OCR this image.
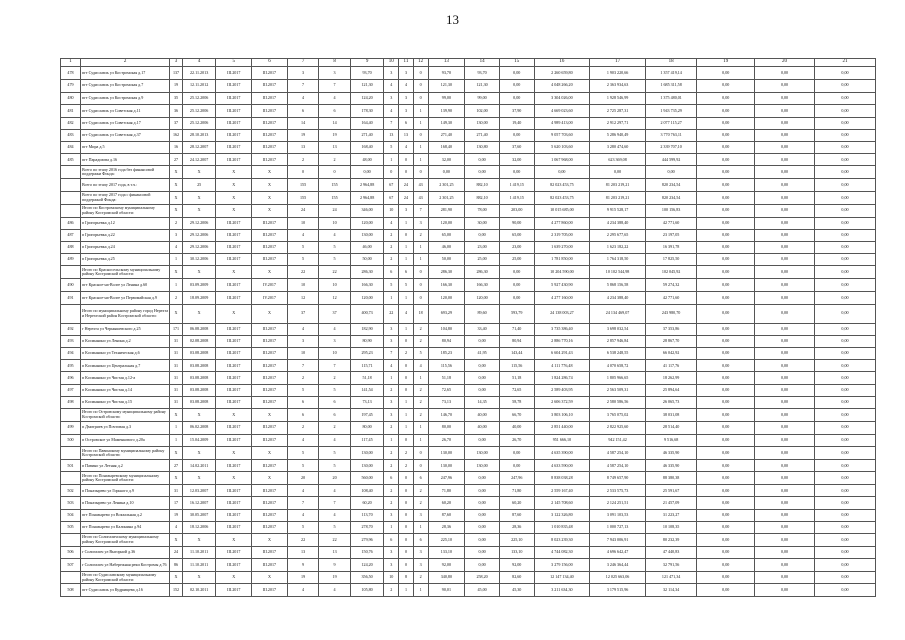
13
1	2	3	4	5	6	7	8	9	10	11	12	13	14	15	16	17	18	19	20	21
478	пгт Судиславль ул Костромская д.17	137	22.11.2013	III.2017	III.2017	3	3	93,70	3	3	0	93,70	93,70	0,00	2 260 659,80	1 903 220,66	1 357 419,14	0,00	0,00	0,00
479	пгт Судиславль ул Костромская д.7	19	12.11.2012	III.2017	III.2017	7	7	121,30	4	4	0	121,30	121,30	0,00	4 048 266,20	2 363 934,63	1 685 311,58	0,00	0,00	0,00
480	пгт Судиславль ул Костромская д.9	35	25.12.2006	III.2017	III.2017	4	4	124,20	3	3	0	99,00	99,00	0,00	3 304 026,00	1 928 546,99	1 375 480,01	0,00	0,00	0,00
481	пгт Судиславль ул Советская д.11	36	25.12.2006	III.2017	III.2017	6	6	178,30	4	3	1	139,90	102,00	37,90	4 669 023,60	2 725 287,31	1 943 735,29	0,00	0,00	0,00
482	пгт Судиславль ул Советская д.17	37	25.12.2006	III.2017	III.2017	14	14	164,40	7	6	1	149,30	130,00	19,40	4 989 413,00	2 912 297,71	2 077 115,27	0,00	0,00	0,00
483	пгт Судиславль ул Советская д.37	162	28.10.2013	III.2017	III.2017	19	19	271,40	13	13	0	271,40	271,40	0,00	9 057 703,60	5 286 940,49	3 770 763,11	0,00	0,00	0,00
484	пгт Мира д.5	16	28.12.2007	III.2017	III.2017	13	13	168,40	5	4	1	168,40	130,80	37,60	5 620 103,60	3 280 474,60	2 339 707,10	0,00	0,00	0,00
485	пгт Парадизова д.16	27	24.12.2007	III.2017	III.2017	2	2	48,00	1	0	1	32,00	0,00	32,00	1 067 968,00	623 369,08	444 599,92	0,00	0,00	0,00
	Всего по этапу 2016 года без финансовой поддержки Фонда:	X	X	X	X	0	0	0,00	0	0	0	0,00	0,00	0,00	0,00	0,00	0,00	0,00	0,00	0,00
	Всего по этапу 2017 года, в т.ч.:	X	25	X	X	155	155	2 964,88	67	24	43	2 301,25	882,10	1 419,15	82 023 453,75	81 203 219,21	820 234,54	0,00	0,00	0,00
	Всего по этапу 2017 года с финансовой поддержкой Фонда:	X	X	X	X	155	155	2 964,88	67	24	43	2 301,25	882,10	1 419,15	82 023 453,75	81 203 219,21	820 234,54	0,00	0,00	0,00
	Итого по Костромскому муниципальному району Костромской области:	X	X	X	X	24	24	346,00	10	3	7	281,90	78,00	203,00	10 015 685,00	9 915 528,17	100 156,83	0,00	0,00	0,00
486	п Григорьевка д.12	2	29.12.2006	III.2017	III.2017	10	10	120,00	4	1	3	120,00	30,00	90,00	4 277 860,00	4 234 388,40	42 771,60	0,00	0,00	0,00
487	п Григорьевка д.22	3	29.12.2006	III.2017	III.2017	4	4	130,00	2	0	2	65,00	0,00	65,00	2 319 705,00	2 295 677,65	23 197,05	0,00	0,00	0,00
488	п Григорьевка д.24	4	29.12.2006	III.2017	III.2017	5	5	46,00	2	1	1	46,00	23,00	23,00	1 639 270,00	1 623 182,22	16 391,78	0,00	0,00	0,00
489	п Григорьевка д.25	1	30.12.2006	III.2017	III.2017	5	5	50,00	2	1	1	50,00	25,00	25,00	1 781 850,00	1 764 318,50	17 825,50	0,00	0,00	0,00
	Итого по Красносельскому муниципальному району Костромской области:	X	X	X	X	22	22	286,30	6	6	0	286,30	286,30	0,00	10 204 590,00	10 102 544,98	102 045,92	0,00	0,00	0,00
490	пгт Красное-на-Волге ул Ленина д.60	1	03.09.2009	III.2017	IV.2017	10	10	166,30	5	5	0	166,30	166,30	0,00	5 927 430,90	5 868 156,58	59 274,32	0,00	0,00	0,00
491	пгт Красное-на-Волге ул Первомайская д.9	2	18.09.2009	III.2017	IV.2017	12	12	120,00	1	1	0	120,00	120,00	0,00	4 277 160,00	4 234 388,40	42 771,60	0,00	0,00	0,00
	Итого по муниципальному району город Нерехта и Нерехтский район Костромской области:	X	X	X	X	37	37	400,73	22	4	18	693,29	89,60	593,79	24 138 003,27	24 134 469,07	243 980,70	0,00	0,00	0,00
492	г Нерехта ул Чернышевского д.25	171	06.08.2008	III.2017	III.2017	4	4	182,90	3	1	2	104,80	33,40	71,40	3 735 386,40	3 698 032,54	37 353,86	0,00	0,00	0,00
493	п Космынино ул Ленина д.2	31	02.08.2008	III.2017	III.2017	3	3	80,90	3	0	2	80,94	0,00	80,94	2 886 770,16	2 857 946,84	28 867,70	0,00	0,00	0,00
494	п Космынино ул Техническая д.6	31	03.08.2008	III.2017	III.2017	10	10	295,23	7	2	5	185,23	41,95	143,44	6 604 291,43	6 538 248,55	66 042,92	0,00	0,00	0,00
495	п Космынино ул Центральная д.7	31	03.08.2008	III.2017	III.2017	7	7	115,71	4	0	4	115,56	0,00	115,56	4 111 776,48	4 070 658,72	41 117,76	0,00	0,00	0,00
496	п Космынино ул Чистая д.12-а	31	03.08.2008	III.2017	III.2017	2	2	51,18	1	0	1	51,18	0,00	51,18	1 824 286,74	1 805 966,65	18 262,99	0,00	0,00	0,00
497	п Космынино ул Чистая д.14	31	03.08.2008	III.2017	III.2017	5	5	141,54	2	0	2	72,65	0,00	72,65	2 589 403,95	2 563 509,31	25 894,64	0,00	0,00	0,00
498	п Космынино ул Чистая д.15	31	03.08.2008	III.2017	III.2017	6	6	73,13	3	1	2	73,13	14,35	58,78	2 606 372,59	2 580 586,56	26 065,73	0,00	0,00	0,00
	Итого по Островскому муниципальному району Костромской области:	X	X	X	X	6	6	197,45	3	1	2	146,70	40,00	66,70	3 803 106,10	3 765 075,02	38 031,08	0,00	0,00	0,00
499	п Дмитриев ул Почтовая д.3	1	06.02.2008	III.2017	III.2017	2	2	80,00	2	1	1	80,00	40,00	40,00	2 851 440,00	2 822 925,60	28 514,40	0,00	0,00	0,00
500	п Островское ул Маменкового д.20а	1	15.04.2009	III.2017	III.2017	4	4	117,45	1	0	1	26,70	0,00	26,70	951 666,10	942 151,42	9 516,68	0,00	0,00	0,00
	Итого по Павинскому муниципальному району Костромской области:	X	X	X	X	5	5	130,00	2	2	0	130,00	130,00	0,00	4 635 390,00	4 587 254,10	46 335,90	0,00	0,00	0,00
501	п Павино ул Летняя д.2	27	14.02.2011	III.2017	III.2017	5	5	130,00	2	2	0	130,00	130,00	0,00	4 633 590,00	4 587 254,10	46 335,90	0,00	0,00	0,00
	Итого по Поназыревскому муниципальному району Костромской области:	X	X	X	X	20	20	560,00	6	0	6	247,96	0,00	247,96	8 838 038,28	8 749 657,90	88 380,38	0,00	0,00	0,00
502	п Поназырево ул Горького д.9	31	12.03.2007	III.2017	III.2017	4	4	108,40	2	0	2	71,80	0,00	71,80	2 559 167,40	2 533 575,73	25 591,67	0,00	0,00	0,00
503	п Поназырево ул Ленина д.10	17	16.12.2007	III.2017	III.2017	7	7	60,20	2	0	2	60,20	0,00	60,20	2 145 708,60	2 124 251,51	21 457,09	0,00	0,00	0,00
504	пгт Поназырево ул Вокзальная д.2	19	30.05.2007	III.2017	III.2017	4	4	113,70	3	0	3	87,60	0,00	87,60	3 122 326,80	3 091 103,53	31 223,27	0,00	0,00	0,00
505	пгт Поназырево ул Калинина д.94	4	18.12.2006	III.2017	III.2017	5	5	278,70	1	0	1	28,36	0,00	28,36	1 010 835,48	1 000 727,13	10 108,35	0,00	0,00	0,00
	Итого по Солигаличскому муниципальному району Костромской области:	X	X	X	X	22	22	279,96	6	0	6	225,10	0,00	225,10	8 023 239,30	7 943 006,91	80 232,39	0,00	0,00	0,00
506	г Солигалич ул Выгорной д.36	24	11.10.2011	III.2017	III.2017	13	13	150,76	3	0	3	133,10	0,00	133,10	4 744 082,30	4 696 642,47	47 440,83	0,00	0,00	0,00
507	г Солигалич ул Набережная реки Костромы д.76	86	11.10.2011	III.2017	III.2017	9	9	124,20	3	0	3	92,00	0,00	92,00	3 279 156,00	3 246 364,44	32 791,56	0,00	0,00	0,00
	Итого по Судиславскому муниципальному району Костромской области:	X	X	X	X	19	19	356,50	10	8	2	340,80	258,20	82,60	12 147 134,40	12 025 663,06	121 471,34	0,00	0,00	0,00
508	пгт Судиславль ул Кудрявцева д.16	152	02.10.2011	III.2017	III.2017	4	4	105,80	2	1	1	90,01	45,00	45,30	3 211 634,30	3 179 515,96	32 114,34	0,00	0,00	0,00
